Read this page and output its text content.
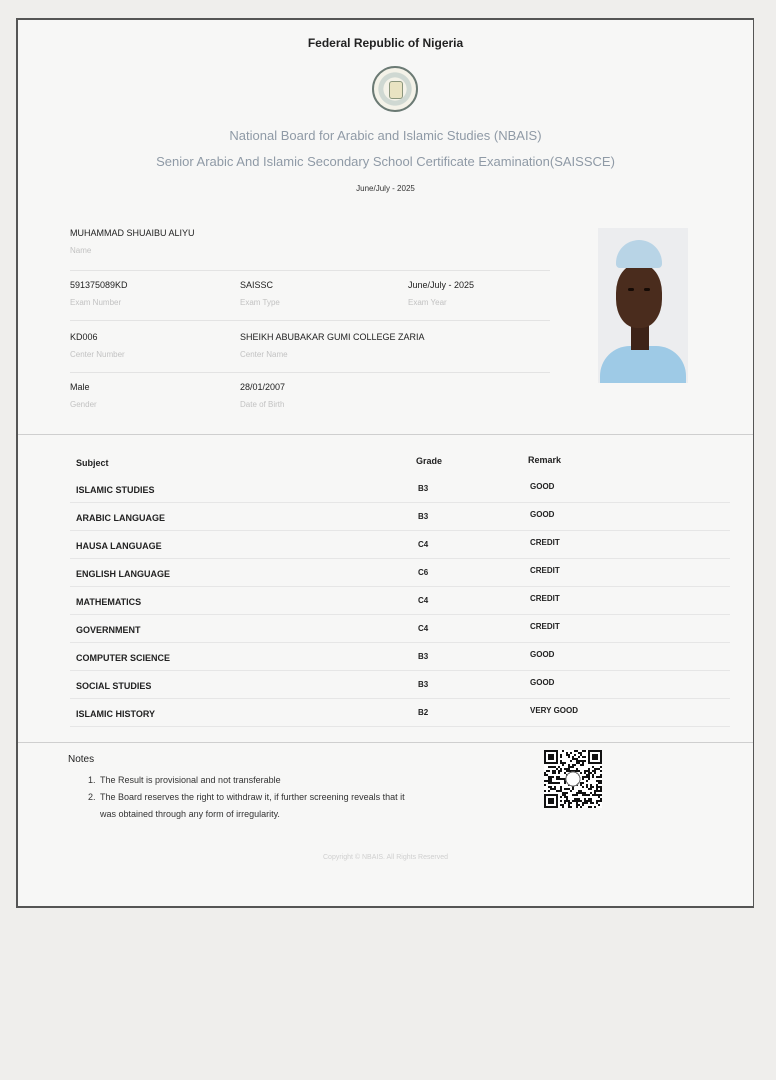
Federal Republic of Nigeria
National Board for Arabic and Islamic Studies (NBAIS)
Senior Arabic And Islamic Secondary School Certificate Examination(SAISSCE)
June/July - 2025
MUHAMMAD SHUAIBU ALIYU
Name
591375089KD
Exam Number
SAISSC
Exam Type
June/July - 2025
Exam Year
KD006
Center Number
SHEIKH ABUBAKAR GUMI COLLEGE ZARIA
Center Name
Male
Gender
28/01/2007
Date of Birth
Subject	Grade	Remark
ISLAMIC STUDIES	B3	GOOD
ARABIC LANGUAGE	B3	GOOD
HAUSA LANGUAGE	C4	CREDIT
ENGLISH LANGUAGE	C6	CREDIT
MATHEMATICS	C4	CREDIT
GOVERNMENT	C4	CREDIT
COMPUTER SCIENCE	B3	GOOD
SOCIAL STUDIES	B3	GOOD
ISLAMIC HISTORY	B2	VERY GOOD
Notes
1. The Result is provisional and not transferable
2. The Board reserves the right to withdraw it, if further screening reveals that it was obtained through any form of irregularity.
Copyright © NBAIS. All Rights Reserved
